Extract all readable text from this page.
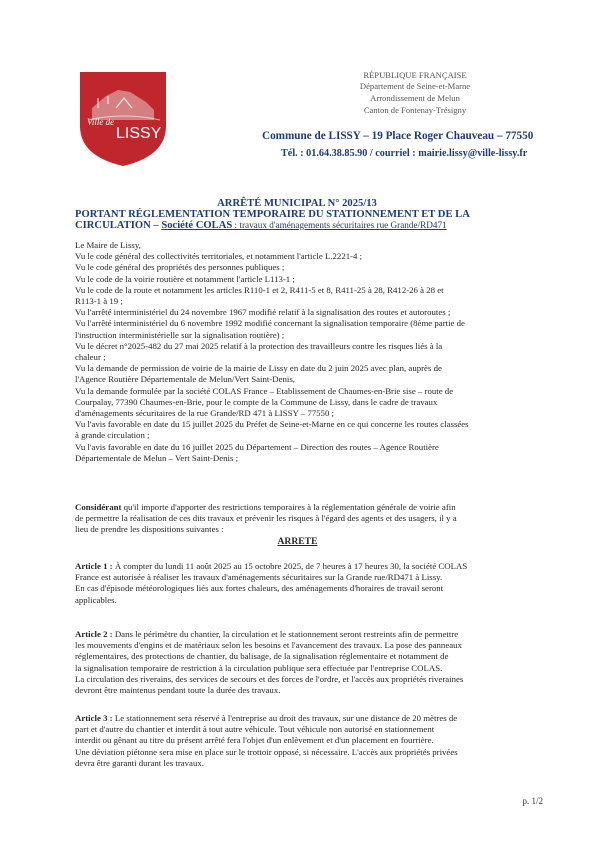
Ville de
LISSY
RÉPUBLIQUE FRANÇAISE
Département de Seine-et-Marne
Arrondissement de Melun
Canton de Fontenay-Trésigny
Commune de LISSY – 19 Place Roger Chauveau – 77550
Tél. : 01.64.38.85.90 / courriel : mairie.lissy@ville-lissy.fr
ARRÊTÉ MUNICIPAL N° 2025/13
PORTANT RÉGLEMENTATION TEMPORAIRE DU STATIONNEMENT ET DE LA
CIRCULATION – Société COLAS : travaux d'aménagements sécuritaires rue Grande/RD471
Le Maire de Lissy,
Vu le code général des collectivités territoriales, et notamment l'article L.2221-4 ;
Vu le code général des propriétés des personnes publiques ;
Vu le code de la voirie routière et notamment l'article L113-1 ;
Vu le code de la route et notamment les articles R110-1 et 2, R411-5 et 8, R411-25 à 28, R412-26 à 28 et
R113-1 à 19 ;
Vu l'arrêté interministériel du 24 novembre 1967 modifié relatif à la signalisation des routes et autoroutes ;
Vu l'arrêté interministériel du 6 novembre 1992 modifié concernant la signalisation temporaire (8ème partie de
l'instruction interministérielle sur la signalisation routière) ;
Vu le décret n°2025-482 du 27 mai 2025 relatif à la protection des travailleurs contre les risques liés à la
chaleur ;
Vu la demande de permission de voirie de la mairie de Lissy en date du 2 juin 2025 avec plan, auprès de
l'Agence Routière Départementale de Melun/Vert Saint-Denis,
Vu la demande formulée par la société COLAS France – Etablissement de Chaumes-en-Brie sise – route de
Courpalay, 77390 Chaumes-en-Brie, pour le compte de la Commune de Lissy, dans le cadre de travaux
d'aménagements sécuritaires de la rue Grande/RD 471 à LISSY – 77550 ;
Vu l'avis favorable en date du 15 juillet 2025 du Préfet de Seine-et-Marne en ce qui concerne les routes classées
à grande circulation ;
Vu l'avis favorable en date du 16 juillet 2025 du Département – Direction des routes – Agence Routière
Départementale de Melun – Vert Saint-Denis ;
Considérant qu'il importe d'apporter des restrictions temporaires à la réglementation générale de voirie afin
de permettre la réalisation de ces dits travaux et prévenir les risques à l'égard des agents et des usagers, il y a
lieu de prendre les dispositions suivantes :
ARRETE
Article 1 : À compter du lundi 11 août 2025 au 15 octobre 2025, de 7 heures à 17 heures 30, la société COLAS
France est autorisée à réaliser les travaux d'aménagements sécuritaires sur la Grande rue/RD471 à Lissy.
En cas d'épisode météorologiques liés aux fortes chaleurs, des aménagements d'horaires de travail seront
applicables.
Article 2 : Dans le périmètre du chantier, la circulation et le stationnement seront restreints afin de permettre
les mouvements d'engins et de matériaux selon les besoins et l'avancement des travaux. La pose des panneaux
réglementaires, des protections de chantier, du balisage, de la signalisation réglementaire et notamment de
la signalisation temporaire de restriction à la circulation publique sera effectuée par l'entreprise COLAS.
La circulation des riverains, des services de secours et des forces de l'ordre, et l'accès aux propriétés riveraines
devront être maintenus pendant toute la durée des travaux.
Article 3 : Le stationnement sera réservé à l'entreprise au droit des travaux, sur une distance de 20 mètres de
part et d'autre du chantier et interdit à tout autre véhicule. Tout véhicule non autorisé en stationnement
interdit ou gênant au titre du présent arrêté fera l'objet d'un enlèvement et d'un placement en fourrière.
Une déviation piétonne sera mise en place sur le trottoir opposé, si nécessaire. L'accès aux propriétés privées
devra être garanti durant les travaux.
p. 1/2
